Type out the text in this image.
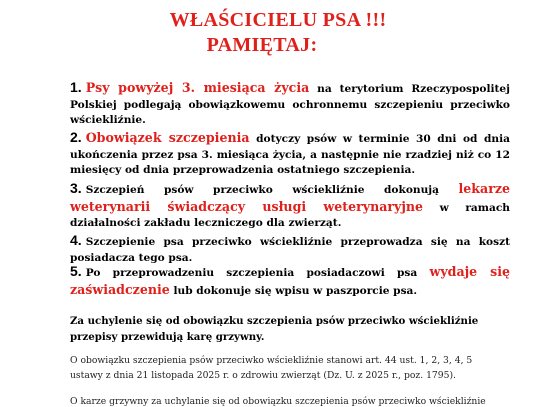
WŁAŚCICIELU PSA !!!
PAMIĘTAJ:
1. Psy powyżej 3. miesiąca życia na terytorium Rzeczypospolitej Polskiej podlegają obowiązkowemu ochronnemu szczepieniu przeciwko wściekliźnie.
2. Obowiązek szczepienia dotyczy psów w terminie 30 dni od dnia ukończenia przez psa 3. miesiąca życia, a następnie nie rzadziej niż co 12 miesięcy od dnia przeprowadzenia ostatniego szczepienia.
3. Szczepień psów przeciwko wściekliźnie dokonują lekarze weterynarii świadczący usługi weterynaryjne w ramach działalności zakładu leczniczego dla zwierząt.
4. Szczepienie psa przeciwko wściekliźnie przeprowadza się na koszt posiadacza tego psa.
5. Po przeprowadzeniu szczepienia posiadaczowi psa wydaje się zaświadczenie lub dokonuje się wpisu w paszporcie psa.
Za uchylenie się od obowiązku szczepienia psów przeciwko wściekliźnie przepisy przewidują karę grzywny.
O obowiązku szczepienia psów przeciwko wściekliźnie stanowi art. 44 ust. 1, 2, 3, 4, 5 ustawy z dnia 21 listopada 2025 r. o zdrowiu zwierząt (Dz. U. z 2025 r., poz. 1795).
O karze grzywny za uchylanie się od obowiązku szczepienia psów przeciwko wściekliźnie
